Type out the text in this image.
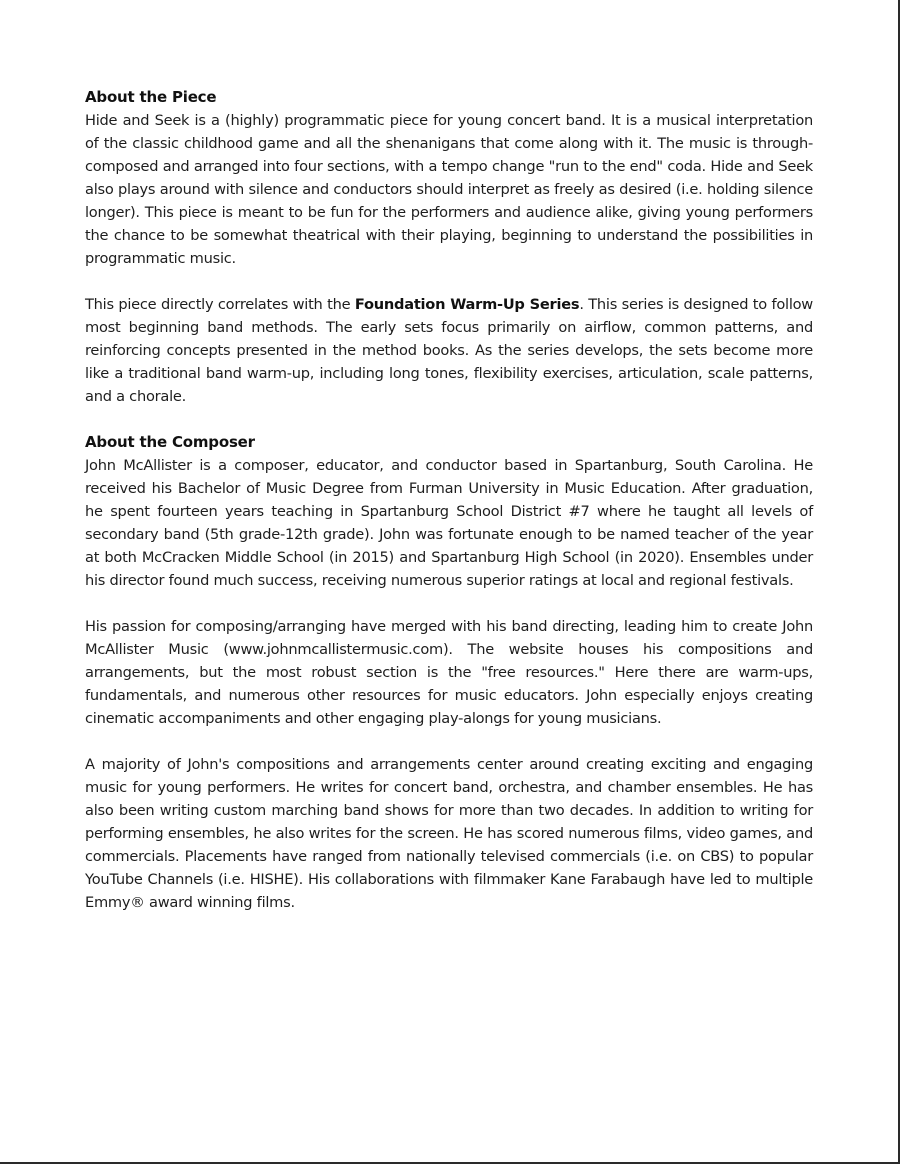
About the Piece

Hide and Seek is a (highly) programmatic piece for young concert band. It is a musical interpretation of the classic childhood game and all the shenanigans that come along with it. The music is through-composed and arranged into four sections, with a tempo change "run to the end" coda. Hide and Seek also plays around with silence and conductors should interpret as freely as desired (i.e. holding silence longer). This piece is meant to be fun for the performers and audience alike, giving young performers the chance to be somewhat theatrical with their playing, beginning to understand the possibilities in programmatic music.

This piece directly correlates with the Foundation Warm-Up Series. This series is designed to follow most beginning band methods. The early sets focus primarily on airflow, common patterns, and reinforcing concepts presented in the method books. As the series develops, the sets become more like a traditional band warm-up, including long tones, flexibility exercises, articulation, scale patterns, and a chorale.

About the Composer

John McAllister is a composer, educator, and conductor based in Spartanburg, South Carolina. He received his Bachelor of Music Degree from Furman University in Music Education. After graduation, he spent fourteen years teaching in Spartanburg School District #7 where he taught all levels of secondary band (5th grade-12th grade). John was fortunate enough to be named teacher of the year at both McCracken Middle School (in 2015) and Spartanburg High School (in 2020). Ensembles under his director found much success, receiving numerous superior ratings at local and regional festivals.

His passion for composing/arranging have merged with his band directing, leading him to create John McAllister Music (www.johnmcallistermusic.com). The website houses his compositions and arrangements, but the most robust section is the "free resources." Here there are warm-ups, fundamentals, and numerous other resources for music educators. John especially enjoys creating cinematic accompaniments and other engaging play-alongs for young musicians.

A majority of John's compositions and arrangements center around creating exciting and engaging music for young performers. He writes for concert band, orchestra, and chamber ensembles. He has also been writing custom marching band shows for more than two decades. In addition to writing for performing ensembles, he also writes for the screen. He has scored numerous films, video games, and commercials. Placements have ranged from nationally televised commercials (i.e. on CBS) to popular YouTube Channels (i.e. HISHE). His collaborations with filmmaker Kane Farabaugh have led to multiple Emmy® award winning films.
